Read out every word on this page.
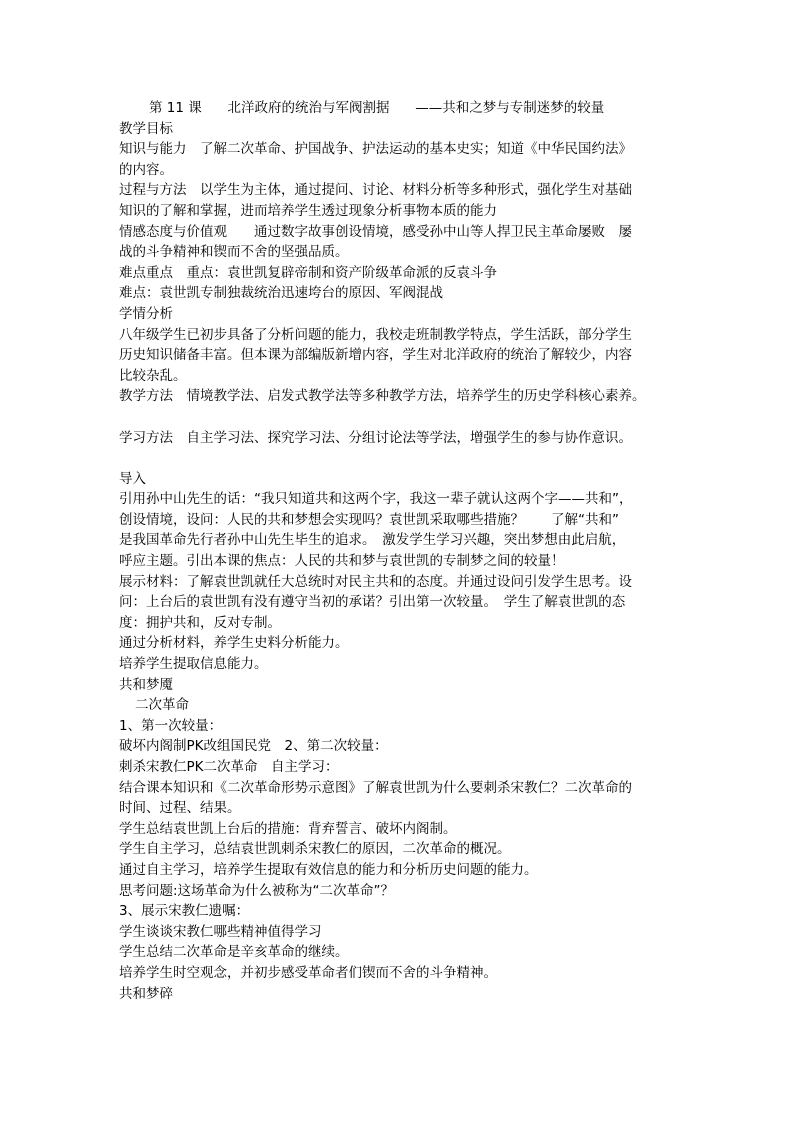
第 11 课 北洋政府的统治与军阀割据 ——共和之梦与专制迷梦的较量
教学目标
知识与能力　了解二次革命、护国战争、护法运动的基本史实；知道《中华民国约法》
的内容。
过程与方法　以学生为主体，通过提问、讨论、材料分析等多种形式，强化学生对基础
知识的了解和掌握，进而培养学生透过现象分析事物本质的能力
情感态度与价值观　　通过数字故事创设情境，感受孙中山等人捍卫民主革命屡败　屡
战的斗争精神和锲而不舍的坚强品质。
难点重点　重点：袁世凯复辟帝制和资产阶级革命派的反袁斗争
难点：袁世凯专制独裁统治迅速垮台的原因、军阀混战
学情分析
八年级学生已初步具备了分析问题的能力，我校走班制教学特点，学生活跃，部分学生
历史知识储备丰富。但本课为部编版新增内容，学生对北洋政府的统治了解较少，内容
比较杂乱。
教学方法　情境教学法、启发式教学法等多种教学方法，培养学生的历史学科核心素养。
学习方法　自主学习法、探究学习法、分组讨论法等学法，增强学生的参与协作意识。
导入
引用孙中山先生的话：“我只知道共和这两个字，我这一辈子就认这两个字——共和”，
创设情境，设问：人民的共和梦想会实现吗？袁世凯采取哪些措施？　　了解“共和”
是我国革命先行者孙中山先生毕生的追求。　激发学生学习兴趣，突出梦想由此启航，
呼应主题。引出本课的焦点：人民的共和梦与袁世凯的专制梦之间的较量！
展示材料：了解袁世凯就任大总统时对民主共和的态度。并通过设问引发学生思考。设
问：上台后的袁世凯有没有遵守当初的承诺？引出第一次较量。　学生了解袁世凯的态
度：拥护共和，反对专制。
通过分析材料，养学生史料分析能力。
培养学生提取信息能力。
共和梦魇
二次革命
1、第一次较量：
破坏内阁制PK改组国民党　2、第二次较量：
刺杀宋教仁PK二次革命　自主学习：
结合课本知识和《二次革命形势示意图》了解袁世凯为什么要刺杀宋教仁？二次革命的
时间、过程、结果。
学生总结袁世凯上台后的措施：背弃誓言、破坏内阁制。
学生自主学习，总结袁世凯刺杀宋教仁的原因，二次革命的概况。
通过自主学习，培养学生提取有效信息的能力和分析历史问题的能力。
思考问题:这场革命为什么被称为“二次革命”？
3、展示宋教仁遗嘱：
学生谈谈宋教仁哪些精神值得学习
学生总结二次革命是辛亥革命的继续。
培养学生时空观念，并初步感受革命者们锲而不舍的斗争精神。
共和梦碎
